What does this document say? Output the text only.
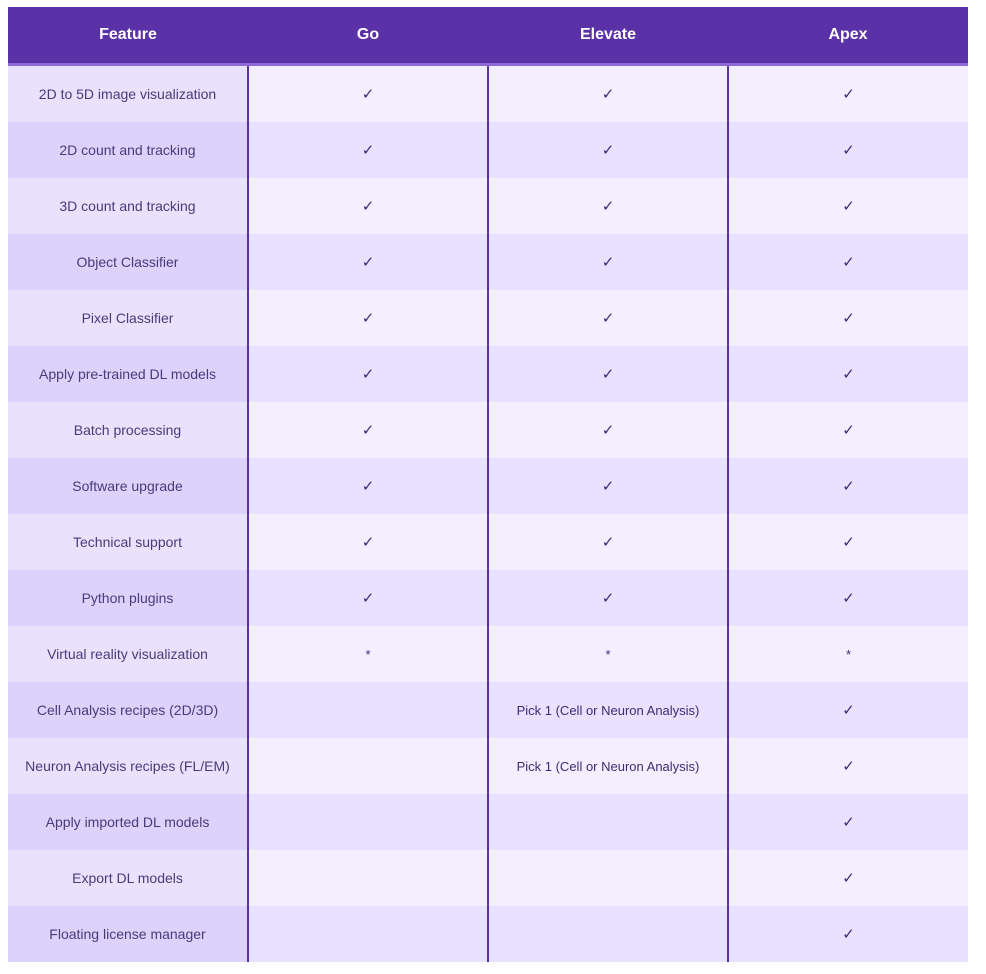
Feature	Go	Elevate	Apex
2D to 5D image visualization	✓	✓	✓
2D count and tracking	✓	✓	✓
3D count and tracking	✓	✓	✓
Object Classifier	✓	✓	✓
Pixel Classifier	✓	✓	✓
Apply pre-trained DL models	✓	✓	✓
Batch processing	✓	✓	✓
Software upgrade	✓	✓	✓
Technical support	✓	✓	✓
Python plugins	✓	✓	✓
Virtual reality visualization	*	*	*
Cell Analysis recipes (2D/3D)		Pick 1 (Cell or Neuron Analysis)	✓
Neuron Analysis recipes (FL/EM)		Pick 1 (Cell or Neuron Analysis)	✓
Apply imported DL models			✓
Export DL models			✓
Floating license manager			✓
